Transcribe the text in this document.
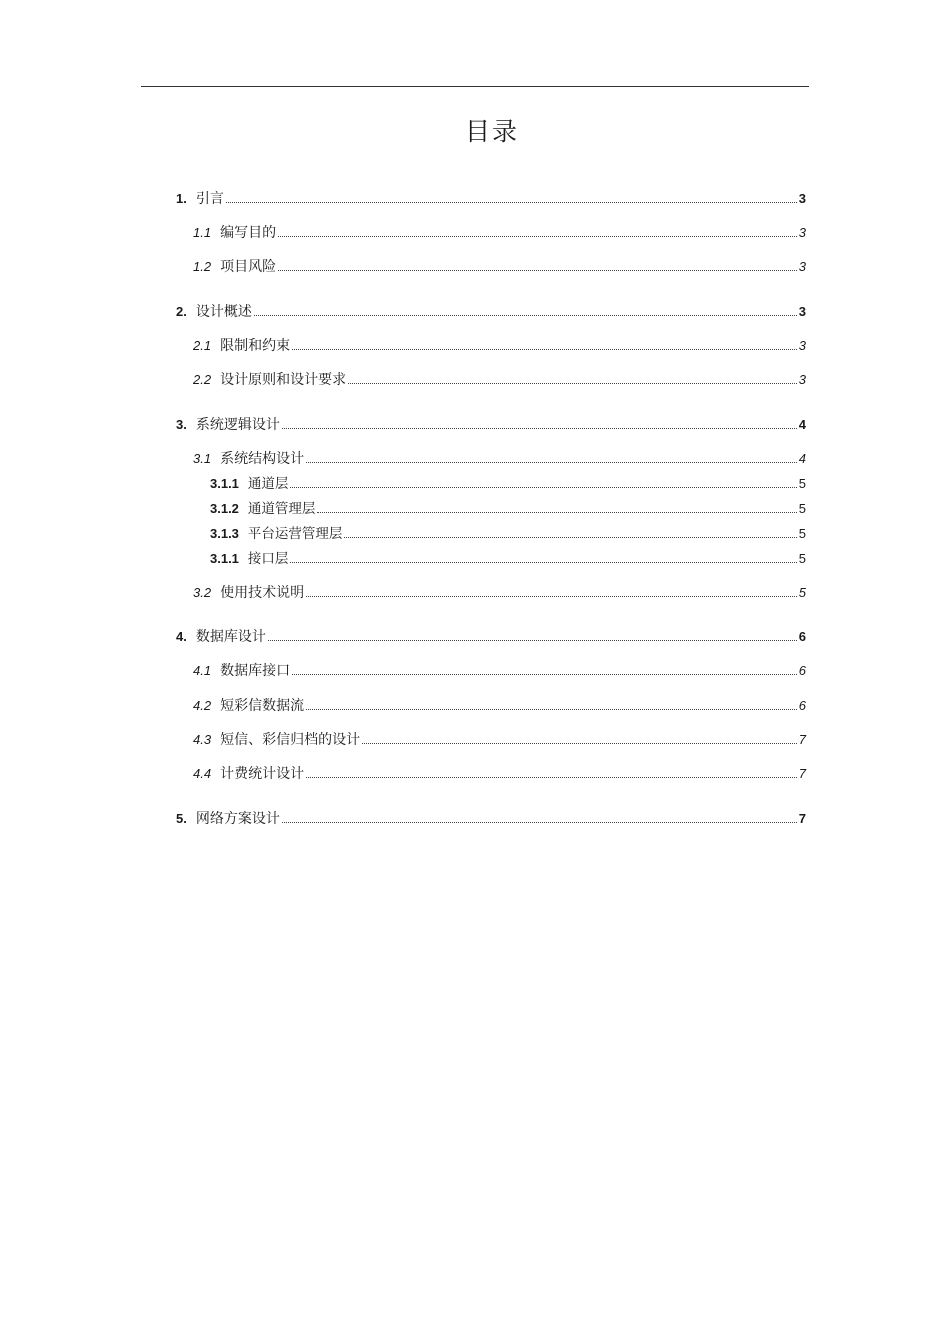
目录
1. 引言	3
1.1 编写目的	3
1.2 项目风险	3
2. 设计概述	3
2.1 限制和约束	3
2.2 设计原则和设计要求	3
3. 系统逻辑设计	4
3.1 系统结构设计	4
3.1.1 通道层	5
3.1.2 通道管理层	5
3.1.3 平台运营管理层	5
3.1.1 接口层	5
3.2 使用技术说明	5
4. 数据库设计	6
4.1 数据库接口	6
4.2 短彩信数据流	6
4.3 短信、彩信归档的设计	7
4.4 计费统计设计	7
5. 网络方案设计	7
